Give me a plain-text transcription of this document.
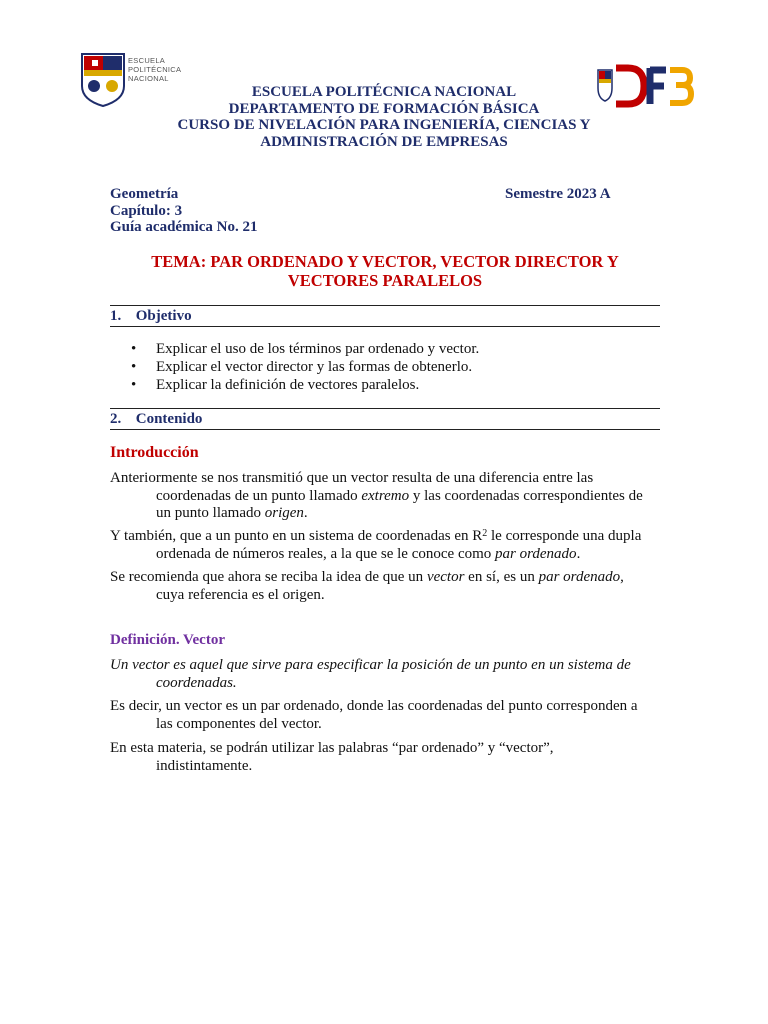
ESCUELA
POLITÉCNICA
NACIONAL
ESCUELA POLITÉCNICA NACIONAL
DEPARTAMENTO DE FORMACIÓN BÁSICA
CURSO DE NIVELACIÓN PARA INGENIERÍA, CIENCIAS Y
ADMINISTRACIÓN DE EMPRESAS
Geometría
Capítulo: 3
Guía académica No. 21
Semestre 2023 A
TEMA: PAR ORDENADO Y VECTOR, VECTOR DIRECTOR Y
VECTORES PARALELOS
1. Objetivo
• Explicar el uso de los términos par ordenado y vector.
• Explicar el vector director y las formas de obtenerlo.
• Explicar la definición de vectores paralelos.
2. Contenido
Introducción
Anteriormente se nos transmitió que un vector resulta de una diferencia entre las
coordenadas de un punto llamado extremo y las coordenadas correspondientes de
un punto llamado origen.
Y también, que a un punto en un sistema de coordenadas en $R^2$ le corresponde una dupla
ordenada de números reales, a la que se le conoce como par ordenado.
Se recomienda que ahora se reciba la idea de que un vector en sí, es un par ordenado,
cuya referencia es el origen.
Definición. Vector
Un vector es aquel que sirve para especificar la posición de un punto en un sistema de
coordenadas.
Es decir, un vector es un par ordenado, donde las coordenadas del punto corresponden a
las componentes del vector.
En esta materia, se podrán utilizar las palabras “par ordenado” y “vector”,
indistintamente.
